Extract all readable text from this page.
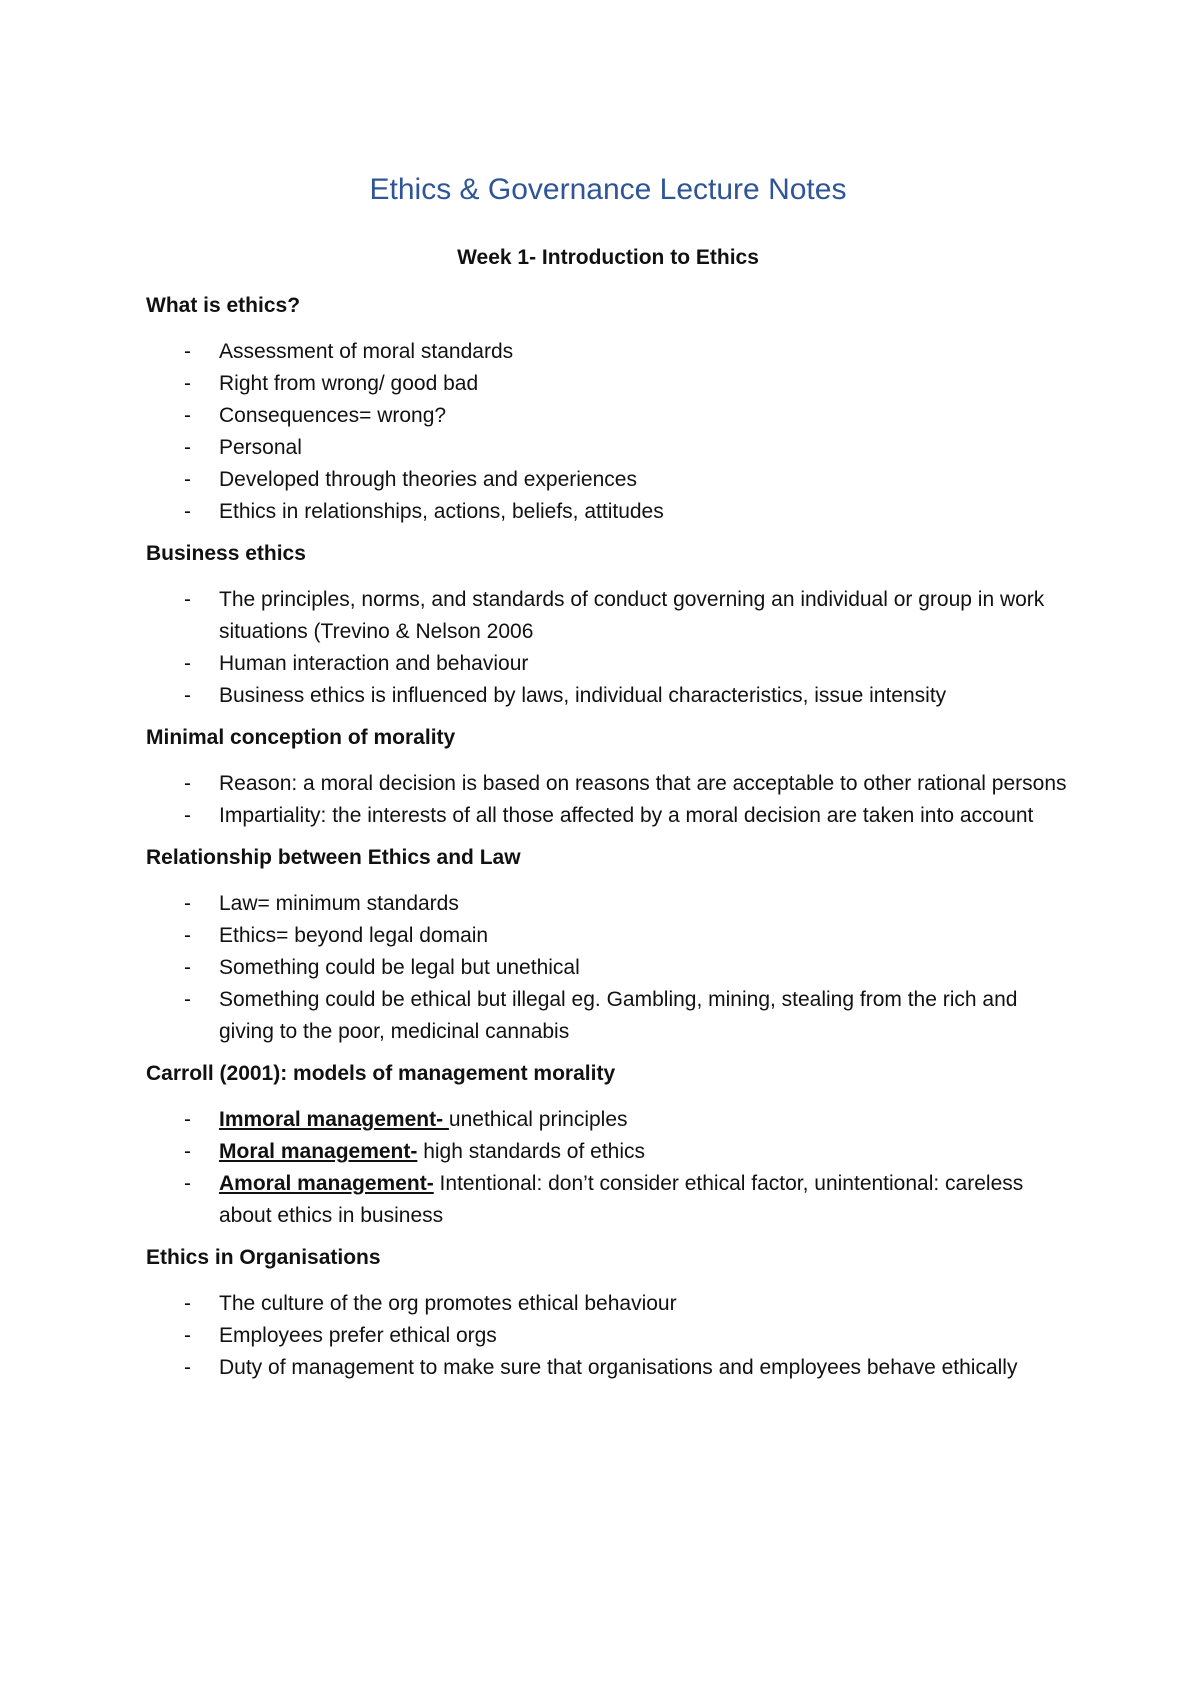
Ethics & Governance Lecture Notes
Week 1- Introduction to Ethics
What is ethics?
- Assessment of moral standards
- Right from wrong/ good bad
- Consequences= wrong?
- Personal
- Developed through theories and experiences
- Ethics in relationships, actions, beliefs, attitudes
Business ethics
- The principles, norms, and standards of conduct governing an individual or group in work situations (Trevino & Nelson 2006
- Human interaction and behaviour
- Business ethics is influenced by laws, individual characteristics, issue intensity
Minimal conception of morality
- Reason: a moral decision is based on reasons that are acceptable to other rational persons
- Impartiality: the interests of all those affected by a moral decision are taken into account
Relationship between Ethics and Law
- Law= minimum standards
- Ethics= beyond legal domain
- Something could be legal but unethical
- Something could be ethical but illegal eg. Gambling, mining, stealing from the rich and giving to the poor, medicinal cannabis
Carroll (2001): models of management morality
- Immoral management- unethical principles
- Moral management- high standards of ethics
- Amoral management- Intentional: don’t consider ethical factor, unintentional: careless about ethics in business
Ethics in Organisations
- The culture of the org promotes ethical behaviour
- Employees prefer ethical orgs
- Duty of management to make sure that organisations and employees behave ethically
